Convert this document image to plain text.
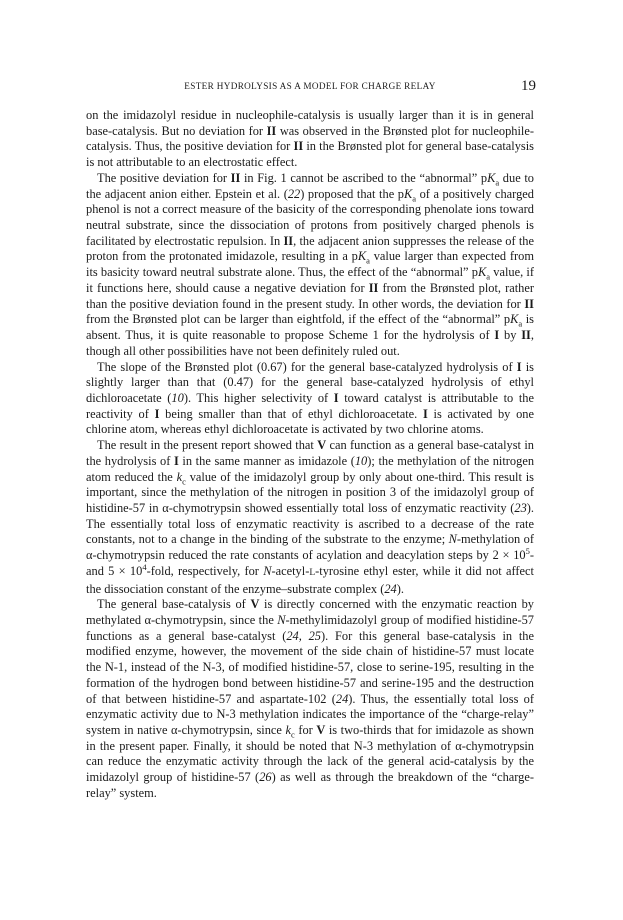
ESTER HYDROLYSIS AS A MODEL FOR CHARGE RELAY	19

on the imidazolyl residue in nucleophile-catalysis is usually larger than it is in general base-catalysis. But no deviation for II was observed in the Brønsted plot for nucleophile-catalysis. Thus, the positive deviation for II in the Brønsted plot for general base-catalysis is not attributable to an electrostatic effect.

The positive deviation for II in Fig. 1 cannot be ascribed to the “abnormal” $pK_a$ due to the adjacent anion either. Epstein et al. (22) proposed that the $pK_a$ of a positively charged phenol is not a correct measure of the basicity of the corresponding phenolate ions toward neutral substrate, since the dissociation of protons from positively charged phenols is facilitated by electrostatic repulsion. In II, the adjacent anion suppresses the release of the proton from the protonated imidazole, resulting in a $pK_a$ value larger than expected from its basicity toward neutral substrate alone. Thus, the effect of the “abnormal” $pK_a$ value, if it functions here, should cause a negative deviation for II from the Brønsted plot, rather than the positive deviation found in the present study. In other words, the deviation for II from the Brønsted plot can be larger than eightfold, if the effect of the “abnormal” $pK_a$ is absent. Thus, it is quite reasonable to propose Scheme 1 for the hydrolysis of I by II, though all other possibilities have not been definitely ruled out.

The slope of the Brønsted plot (0.67) for the general base-catalyzed hydrolysis of I is slightly larger than that (0.47) for the general base-catalyzed hydrolysis of ethyl dichloroacetate (10). This higher selectivity of I toward catalyst is attributable to the reactivity of I being smaller than that of ethyl dichloroacetate. I is activated by one chlorine atom, whereas ethyl dichloroacetate is activated by two chlorine atoms.

The result in the present report showed that V can function as a general base-catalyst in the hydrolysis of I in the same manner as imidazole (10); the methylation of the nitrogen atom reduced the $k_c$ value of the imidazolyl group by only about one-third. This result is important, since the methylation of the nitrogen in position 3 of the imidazolyl group of histidine-57 in α-chymotrypsin showed essentially total loss of enzymatic reactivity (23). The essentially total loss of enzymatic reactivity is ascribed to a decrease of the rate constants, not to a change in the binding of the substrate to the enzyme; N-methylation of α-chymotrypsin reduced the rate constants of acylation and deacylation steps by $2 \times 10^5-$ and $5 \times 10^4$-fold, respectively, for N-acetyl-L-tyrosine ethyl ester, while it did not affect the dissociation constant of the enzyme–substrate complex (24).

The general base-catalysis of V is directly concerned with the enzymatic reaction by methylated α-chymotrypsin, since the N-methylimidazolyl group of modified histidine-57 functions as a general base-catalyst (24, 25). For this general base-catalysis in the modified enzyme, however, the movement of the side chain of histidine-57 must locate the N-1, instead of the N-3, of modified histidine-57, close to serine-195, resulting in the formation of the hydrogen bond between histidine-57 and serine-195 and the destruction of that between histidine-57 and aspartate-102 (24). Thus, the essentially total loss of enzymatic activity due to N-3 methylation indicates the importance of the “charge-relay” system in native α-chymotrypsin, since $k_c$ for V is two-thirds that for imidazole as shown in the present paper. Finally, it should be noted that N-3 methylation of α-chymotrypsin can reduce the enzymatic activity through the lack of the general acid-catalysis by the imidazolyl group of histidine-57 (26) as well as through the breakdown of the “charge-relay” system.
